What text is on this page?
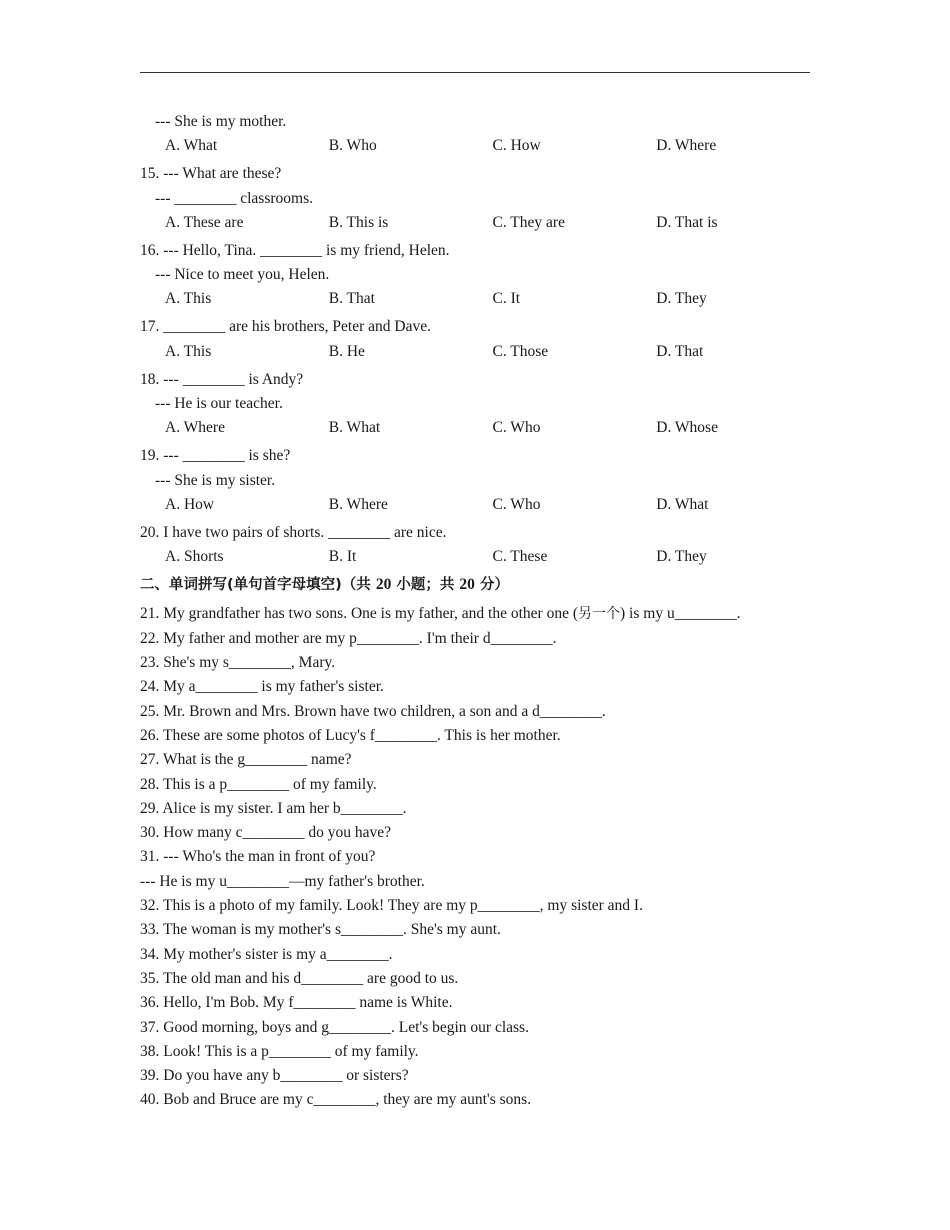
--- She is my mother.
A. What	B. Who	C. How	D. Where
15. --- What are these?
--- ________ classrooms.
A. These are	B. This is	C. They are	D. That is
16. --- Hello, Tina. ________ is my friend, Helen.
--- Nice to meet you, Helen.
A. This	B. That	C. It	D. They
17. ________ are his brothers, Peter and Dave.
A. This	B. He	C. Those	D. That
18. --- ________ is Andy?
--- He is our teacher.
A. Where	B. What	C. Who	D. Whose
19. --- ________ is she?
--- She is my sister.
A. How	B. Where	C. Who	D. What
20. I have two pairs of shorts. ________ are nice.
A. Shorts	B. It	C. These	D. They
二、单词拼写(单句首字母填空)（共 20 小题；共 20 分）
21. My grandfather has two sons. One is my father, and the other one (另一个) is my u________.
22. My father and mother are my p________. I'm their d________.
23. She's my s________, Mary.
24. My a________ is my father's sister.
25. Mr. Brown and Mrs. Brown have two children, a son and a d________.
26. These are some photos of Lucy's f________. This is her mother.
27. What is the g________ name?
28. This is a p________ of my family.
29. Alice is my sister. I am her b________.
30. How many c________ do you have?
31. --- Who's the man in front of you?
--- He is my u________—my father's brother.
32. This is a photo of my family. Look! They are my p________, my sister and I.
33. The woman is my mother's s________. She's my aunt.
34. My mother's sister is my a________.
35. The old man and his d________ are good to us.
36. Hello, I'm Bob. My f________ name is White.
37. Good morning, boys and g________. Let's begin our class.
38. Look! This is a p________ of my family.
39. Do you have any b________ or sisters?
40. Bob and Bruce are my c________, they are my aunt's sons.
